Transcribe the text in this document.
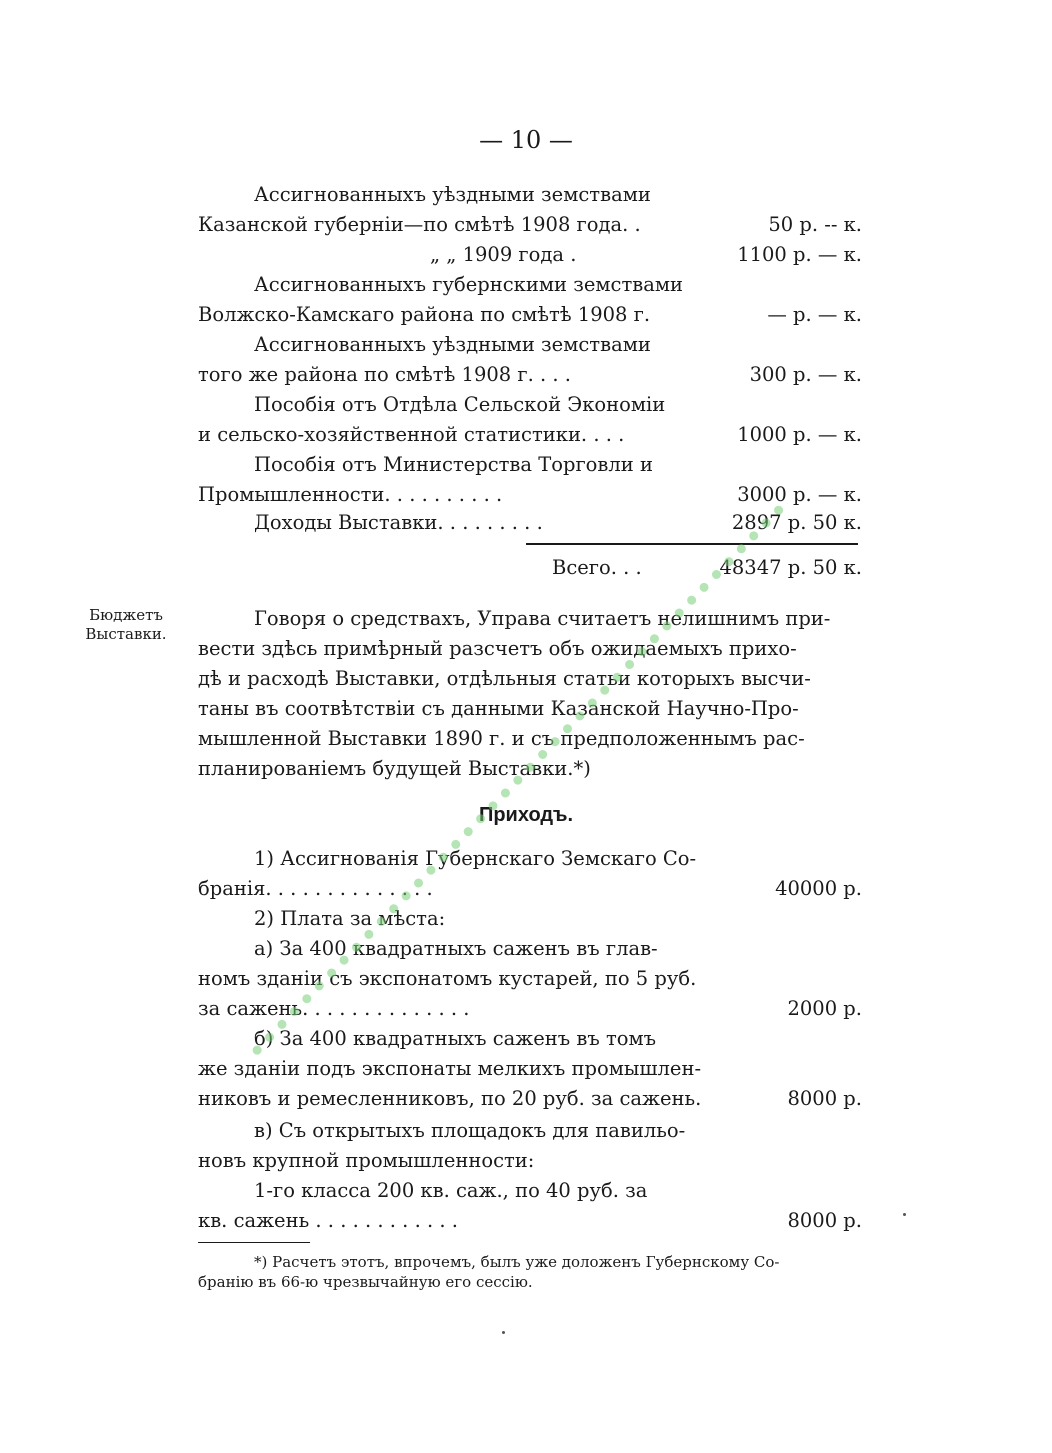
— 10 —
Ассигнованныхъ уѣздными земствами
Казанской губерніи—по смѣтѣ 1908 года. .	50 р. -- к.
„ „ 1909 года .	1100 р. — к.
Ассигнованныхъ губернскими земствами
Волжско-Камскаго района по смѣтѣ 1908 г.	— р. — к.
Ассигнованныхъ уѣздными земствами
того же района по смѣтѣ 1908 г. . . .	300 р. — к.
Пособія отъ Отдѣла Сельской Экономіи
и сельско-хозяйственной статистики. . . .	1000 р. — к.
Пособія отъ Министерства Торговли и
Промышленности. . . . . . . . . .	3000 р. — к.
Доходы Выставки. . . . . . . . .	2897 р. 50 к.
Всего. . .	48347 р. 50 к.
Бюджетъ
Выставки.
Говоря о средствахъ, Управа считаетъ нелишнимъ при-
вести здѣсь примѣрный разсчетъ объ ожидаемыхъ прихо-
дѣ и расходѣ Выставки, отдѣльныя статьи которыхъ высчи-
таны въ соотвѣтствіи съ данными Казанской Научно-Про-
мышленной Выставки 1890 г. и съ предположеннымъ рас-
планированіемъ будущей Выставки.*)
Приходъ.
1) Ассигнованія Губернскаго Земскаго Со-
бранія. . . . . . . . . . . . . .	40000 р.
2) Плата за мѣста:
а) За 400 квадратныхъ саженъ въ глав-
номъ зданіи съ экспонатомъ кустарей, по 5 руб.
за сажень. . . . . . . . . . . . . .	2000 р.
б) За 400 квадратныхъ саженъ въ томъ
же зданіи подъ экспонаты мелкихъ промышлен-
никовъ и ремесленниковъ, по 20 руб. за сажень.	8000 р.
в) Съ открытыхъ площадокъ для павильо-
новъ крупной промышленности:
1-го класса 200 кв. саж., по 40 руб. за
кв. сажень . . . . . . . . . . . .	8000 р.
*) Расчетъ этотъ, впрочемъ, былъ уже доложенъ Губернскому Со-
бранію въ 66-ю чрезвычайную его сессію.
